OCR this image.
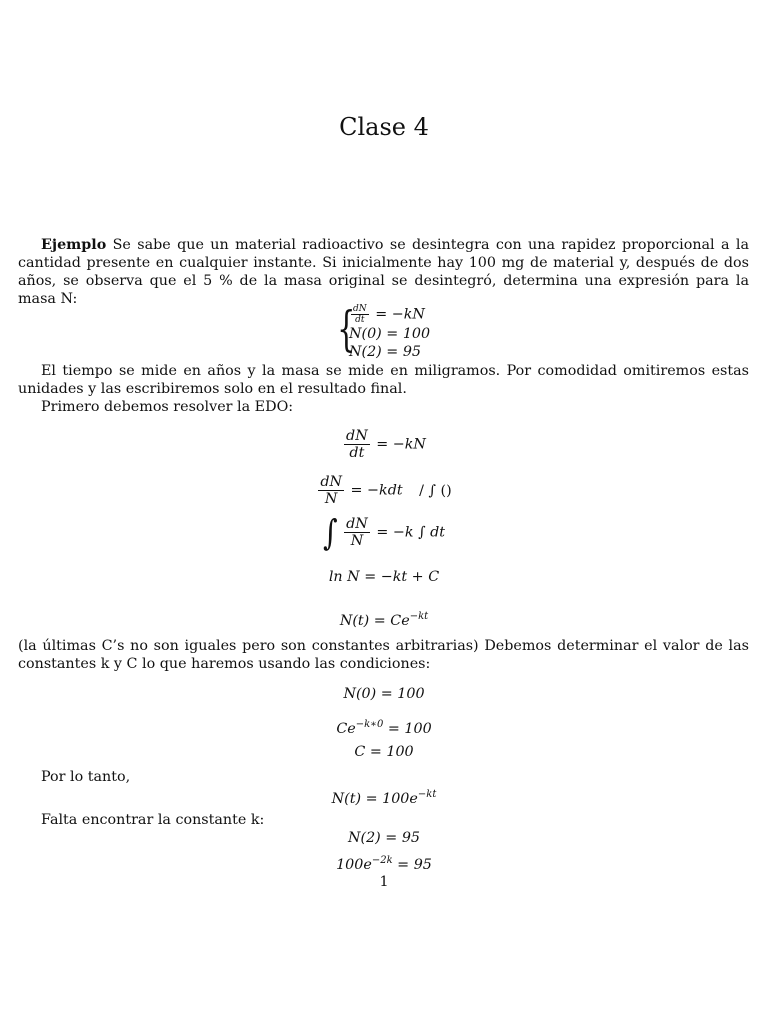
Clase 4
Ejemplo Se sabe que un material radioactivo se desintegra con una rapidez proporcional a la cantidad presente en cualquier instante. Si inicialmente hay 100 mg de material y, después de dos años, se observa que el 5 % de la masa original se desintegró, determina una expresión para la masa N:
{
$\frac{dN}{dt} = -kN$
N(0) = 100
N(2) = 95
El tiempo se mide en años y la masa se mide en miligramos. Por comodidad omitiremos estas unidades y las escribiremos solo en el resultado final.
Primero debemos resolver la EDO:
$\frac{dN}{dt} = -kN$
$\frac{dN}{N} = -kdt$ / ∫ ()
∫ $\frac{dN}{N} = -k$ ∫ dt
ln N = −kt + C
$N(t) = Ce^{-kt}$
(la últimas C’s no son iguales pero son constantes arbitrarias) Debemos determinar el valor de las constantes k y C lo que haremos usando las condiciones:
N(0) = 100
$Ce^{-k∗0} = 100$
C = 100
Por lo tanto,
$N(t) = 100e^{-kt}$
Falta encontrar la constante k:
N(2) = 95
$100e^{-2k} = 95$
1
